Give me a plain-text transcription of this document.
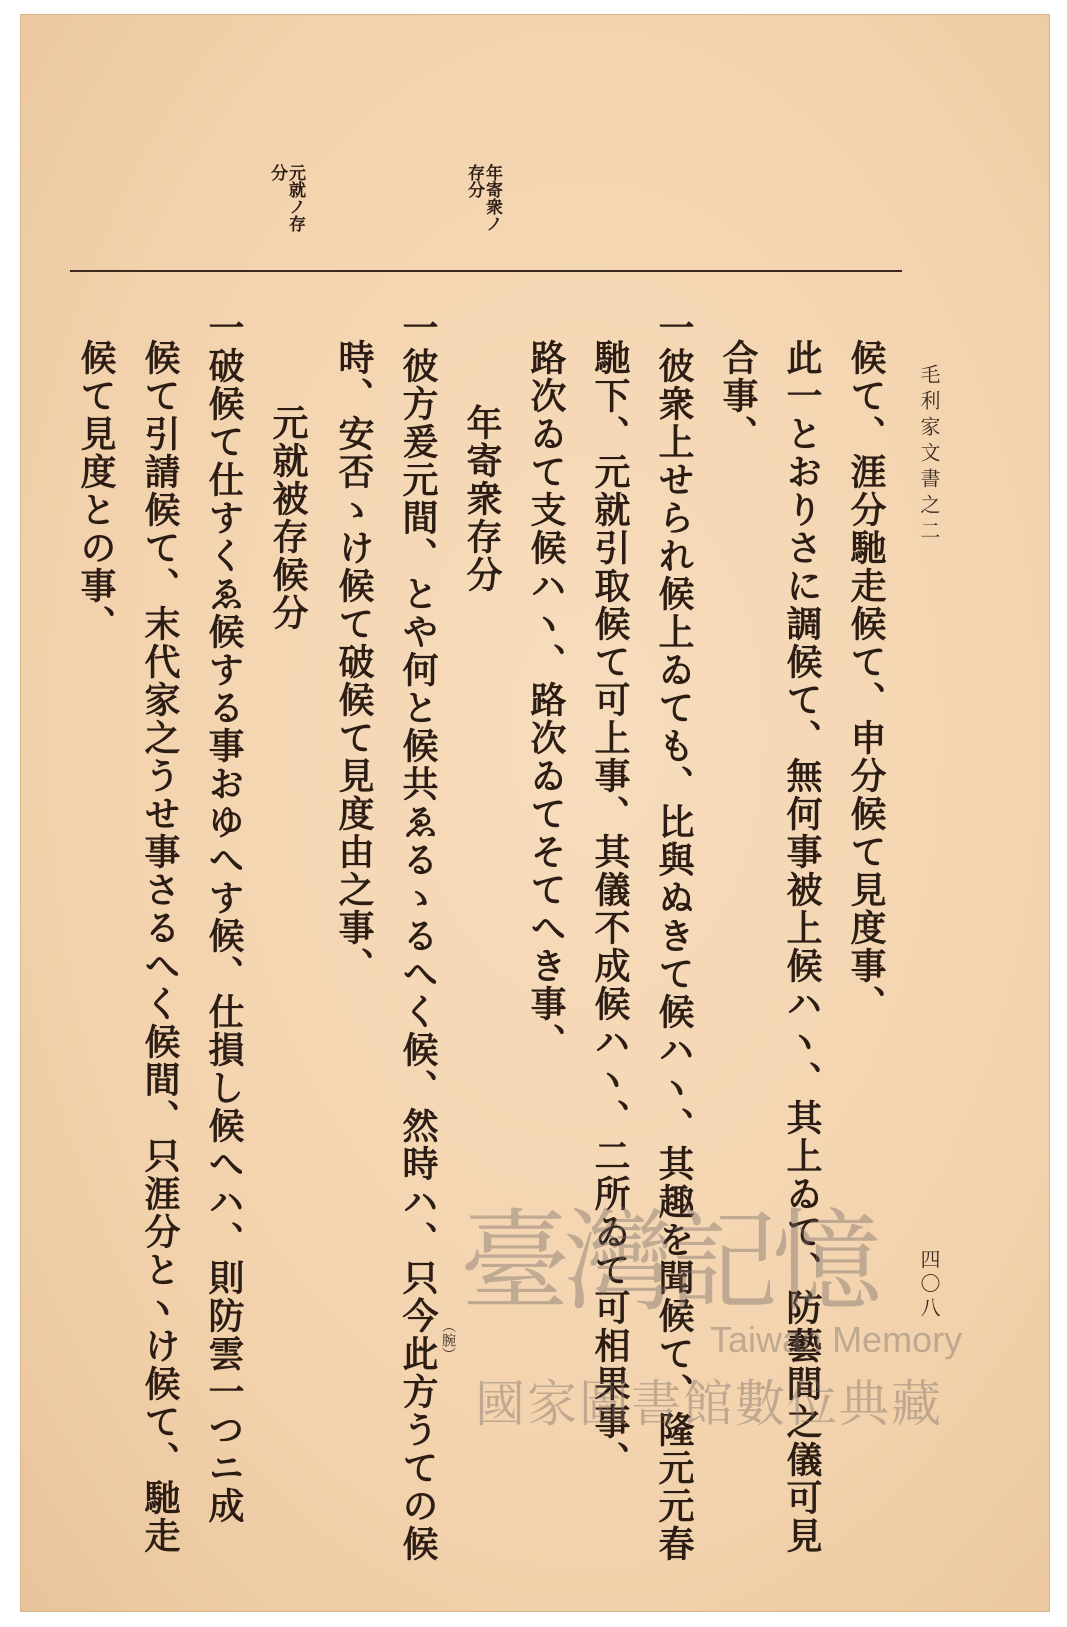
毛利家文書之二
四〇八
年寄衆ノ
存分
元就ノ存
分
候て、涯分馳走候て、申分候て見度事、
此一とおりさに調候て、無何事被上候ハヽ、其上ゐて、防藝間之儀可見
合事、
一彼衆上せられ候上ゐても、比與ぬきて候ハヽ、其趣を聞候て、隆元元春
馳下、元就引取候て可上事、其儀不成候ハヽ、二所ゐて可相果事、
路次ゐて支候ハヽ、路次ゐてそてへき事、
年寄衆存分
一彼方爰元間、とや何と候共ゑるゝるへく候、然時ハ、只今此方うての候
時、安否ゝけ候て破候て見度由之事、
元就被存候分
一破候て仕すくゑ候する事おゆへす候、仕損し候へハ、則防雲一つニ成
候て引請候て、末代家之うせ事さるへく候間、只涯分とヽけ候て、馳走
候て見度との事、
（腕）
臺灣記憶
Taiwan Memory
國家圖書館數位典藏
